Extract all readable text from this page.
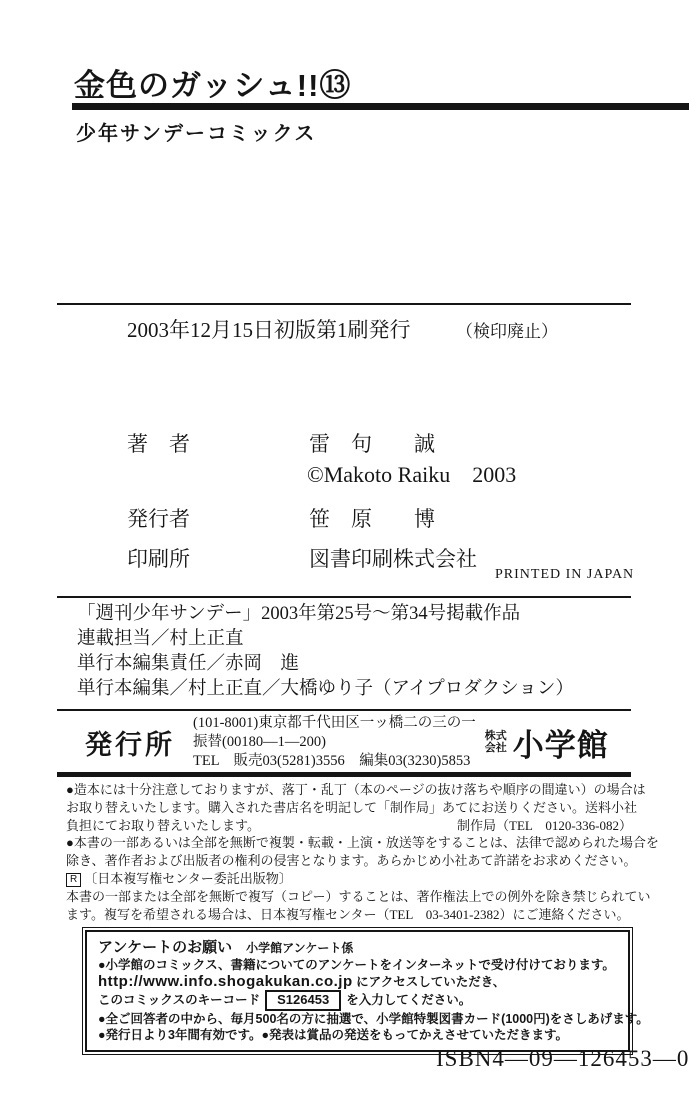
金色のガッシュ!!⑬
少年サンデーコミックス
2003年12月15日初版第1刷発行	（検印廃止）
著　者	雷　句　　誠
©Makoto Raiku　2003
発行者	笹　原　　博
印刷所	図書印刷株式会社
PRINTED IN JAPAN
「週刊少年サンデー」2003年第25号〜第34号掲載作品
連載担当／村上正直
単行本編集責任／赤岡　進
単行本編集／村上正直／大橋ゆり子（アイプロダクション）
発行所
(101-8001)東京都千代田区一ッ橋二の三の一
振替(00180—1—200)
TEL　販売03(5281)3556　編集03(3230)5853
株式
会社 小学館
●造本には十分注意しておりますが、落丁・乱丁（本のページの抜け落ちや順序の間違い）の場合は
お取り替えいたします。購入された書店名を明記して「制作局」あてにお送りください。送料小社
負担にてお取り替えいたします。	制作局（TEL　0120-336-082）
●本書の一部あるいは全部を無断で複製・転載・上演・放送等をすることは、法律で認められた場合を
除き、著作者および出版者の権利の侵害となります。あらかじめ小社あて許諾をお求めください。
R 〔日本複写権センター委託出版物〕
本書の一部または全部を無断で複写（コピー）することは、著作権法上での例外を除き禁じられてい
ます。複写を希望される場合は、日本複写権センター（TEL　03-3401-2382）にご連絡ください。
アンケートのお願い 小学館アンケート係
●小学館のコミックス、書籍についてのアンケートをインターネットで受け付けております。
http://www.info.shogakukan.co.jp にアクセスしていただき、
このコミックスのキーコード S126453 を入力してください。
●全ご回答者の中から、毎月500名の方に抽選で、小学館特製図書カード(1000円)をさしあげます。
●発行日より3年間有効です。●発表は賞品の発送をもってかえさせていただきます。
ISBN4—09—126453—0
